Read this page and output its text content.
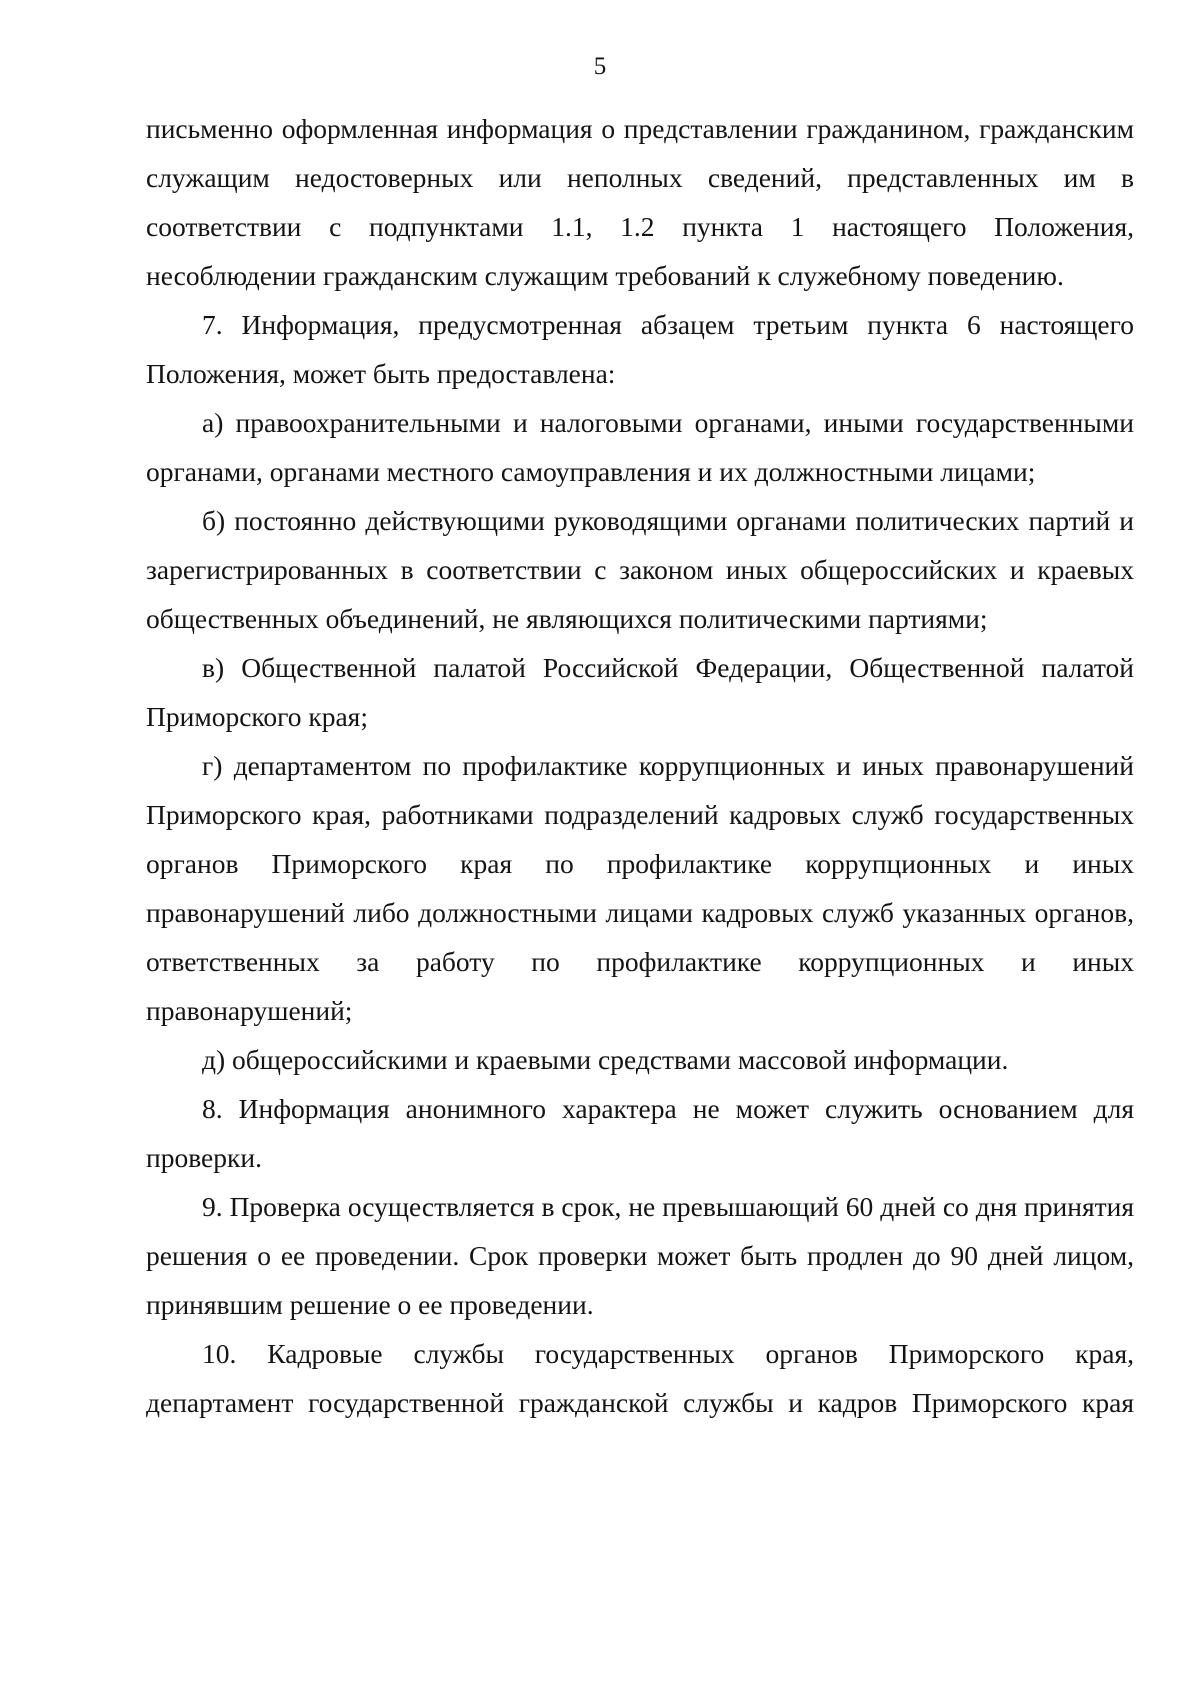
5

письменно оформленная информация о представлении гражданином, гражданским служащим недостоверных или неполных сведений, представленных им в соответствии с подпунктами 1.1, 1.2 пункта 1 настоящего Положения, несоблюдении гражданским служащим требований к служебному поведению.

7. Информация, предусмотренная абзацем третьим пункта 6 настоящего Положения, может быть предоставлена:

а) правоохранительными и налоговыми органами, иными государственными органами, органами местного самоуправления и их должностными лицами;

б) постоянно действующими руководящими органами политических партий и зарегистрированных в соответствии с законом иных общероссийских и краевых общественных объединений, не являющихся политическими партиями;

в) Общественной палатой Российской Федерации, Общественной палатой Приморского края;

г) департаментом по профилактике коррупционных и иных правонарушений Приморского края, работниками подразделений кадровых служб государственных органов Приморского края по профилактике коррупционных и иных правонарушений либо должностными лицами кадровых служб указанных органов, ответственных за работу по профилактике коррупционных и иных правонарушений;

д) общероссийскими и краевыми средствами массовой информации.

8. Информация анонимного характера не может служить основанием для проверки.

9. Проверка осуществляется в срок, не превышающий 60 дней со дня принятия решения о ее проведении. Срок проверки может быть продлен до 90 дней лицом, принявшим решение о ее проведении.

10. Кадровые службы государственных органов Приморского края, департамент государственной гражданской службы и кадров Приморского края
